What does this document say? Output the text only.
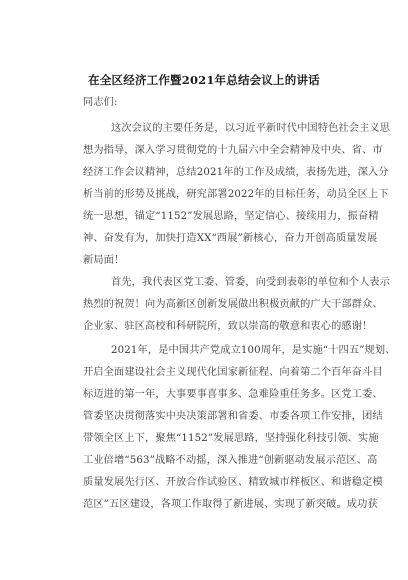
在全区经济工作暨2021年总结会议上的讲话
同志们:
这次会议的主要任务是，以习近平新时代中国特色社会主义思
想为指导，深入学习贯彻党的十九届六中全会精神及中央、省、市
经济工作会议精神，总结2021年的工作及成绩，表扬先进，深入分
析当前的形势及挑战，研究部署2022年的目标任务，动员全区上下
统一思想，锚定“1152”发展思路，坚定信心、接续用力，振奋精
神、奋发有为，加快打造XX“西展”新核心，奋力开创高质量发展
新局面！
首先，我代表区党工委、管委，向受到表彰的单位和个人表示
热烈的祝贺！向为高新区创新发展做出积极贡献的广大干部群众、
企业家、驻区高校和科研院所，致以崇高的敬意和衷心的感谢！
2021年，是中国共产党成立100周年，是实施“十四五”规划、
开启全面建设社会主义现代化国家新征程、向着第二个百年奋斗目
标迈进的第一年，大事要事喜事多、急难险重任务多。区党工委、
管委坚决贯彻落实中央决策部署和省委、市委各项工作安排，团结
带领全区上下，聚焦“1152”发展思路，坚持强化科技引领、实施
工业倍增“563”战略不动摇，深入推进“创新驱动发展示范区、高
质量发展先行区、开放合作试验区、精致城市样板区、和谐稳定模
范区”五区建设，各项工作取得了新进展、实现了新突破。成功获
